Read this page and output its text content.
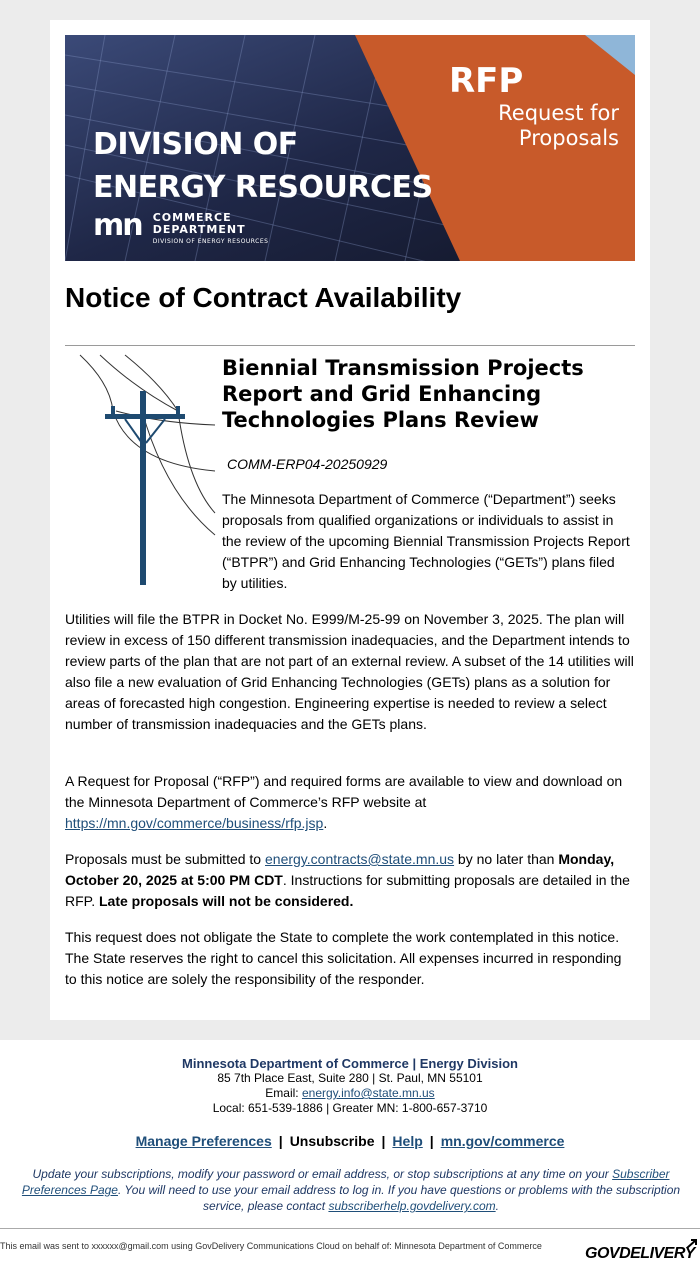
DIVISION OF
ENERGY RESOURCES
mn COMMERCE
DEPARTMENT
DIVISION OF ENERGY RESOURCES
RFP
Request for
Proposals
Notice of Contract Availability
Biennial Transmission Projects Report and Grid Enhancing Technologies Plans Review
COMM-ERP04-20250929

The Minnesota Department of Commerce (“Department”) seeks proposals from qualified organizations or individuals to assist in the review of the upcoming Biennial Transmission Projects Report (“BTPR”) and Grid Enhancing Technologies (“GETs”) plans filed by utilities.

Utilities will file the BTPR in Docket No. E999/M-25-99 on November 3, 2025. The plan will review in excess of 150 different transmission inadequacies, and the Department intends to review parts of the plan that are not part of an external review. A subset of the 14 utilities will also file a new evaluation of Grid Enhancing Technologies (GETs) plans as a solution for areas of forecasted high congestion. Engineering expertise is needed to review a select number of transmission inadequacies and the GETs plans.

A Request for Proposal (“RFP”) and required forms are available to view and download on the Minnesota Department of Commerce’s RFP website at https://mn.gov/commerce/business/rfp.jsp.

Proposals must be submitted to energy.contracts@state.mn.us by no later than Monday, October 20, 2025 at 5:00 PM CDT. Instructions for submitting proposals are detailed in the RFP. Late proposals will not be considered.

This request does not obligate the State to complete the work contemplated in this notice. The State reserves the right to cancel this solicitation. All expenses incurred in responding to this notice are solely the responsibility of the responder.

Minnesota Department of Commerce | Energy Division
85 7th Place East, Suite 280 | St. Paul, MN 55101
Email: energy.info@state.mn.us
Local: 651-539-1886 | Greater MN: 1-800-657-3710
Manage Preferences | Unsubscribe | Help | mn.gov/commerce
Update your subscriptions, modify your password or email address, or stop subscriptions at any time on your Subscriber Preferences Page. You will need to use your email address to log in. If you have questions or problems with the subscription service, please contact subscriberhelp.govdelivery.com.
This email was sent to xxxxxx@gmail.com using GovDelivery Communications Cloud on behalf of: Minnesota Department of Commerce	GOVDELIVERY
